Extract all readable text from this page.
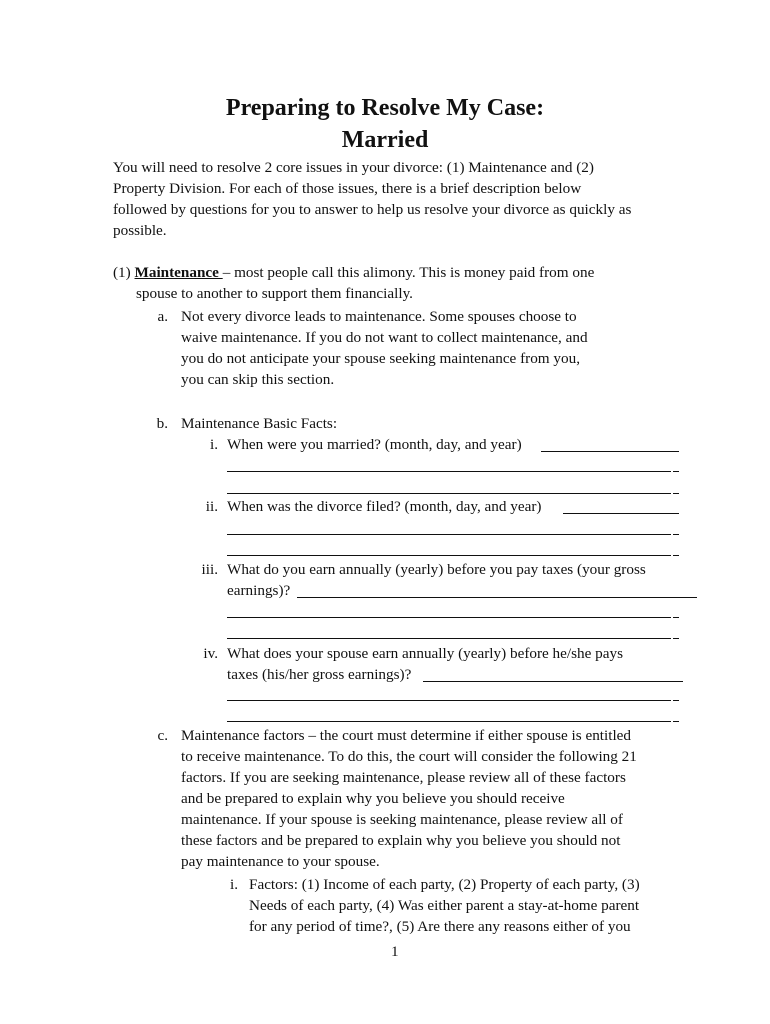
Preparing to Resolve My Case:
Married
You will need to resolve 2 core issues in your divorce: (1) Maintenance and (2)
Property Division. For each of those issues, there is a brief description below
followed by questions for you to answer to help us resolve your divorce as quickly as
possible.
(1) Maintenance – most people call this alimony. This is money paid from one
spouse to another to support them financially.
a. Not every divorce leads to maintenance. Some spouses choose to
waive maintenance. If you do not want to collect maintenance, and
you do not anticipate your spouse seeking maintenance from you,
you can skip this section.
b. Maintenance Basic Facts:
i. When were you married? (month, day, and year)
ii. When was the divorce filed? (month, day, and year)
iii. What do you earn annually (yearly) before you pay taxes (your gross
earnings)?
iv. What does your spouse earn annually (yearly) before he/she pays
taxes (his/her gross earnings)?
c. Maintenance factors – the court must determine if either spouse is entitled
to receive maintenance. To do this, the court will consider the following 21
factors. If you are seeking maintenance, please review all of these factors
and be prepared to explain why you believe you should receive
maintenance. If your spouse is seeking maintenance, please review all of
these factors and be prepared to explain why you believe you should not
pay maintenance to your spouse.
i. Factors: (1) Income of each party, (2) Property of each party, (3)
Needs of each party, (4) Was either parent a stay-at-home parent
for any period of time?, (5) Are there any reasons either of you
1
